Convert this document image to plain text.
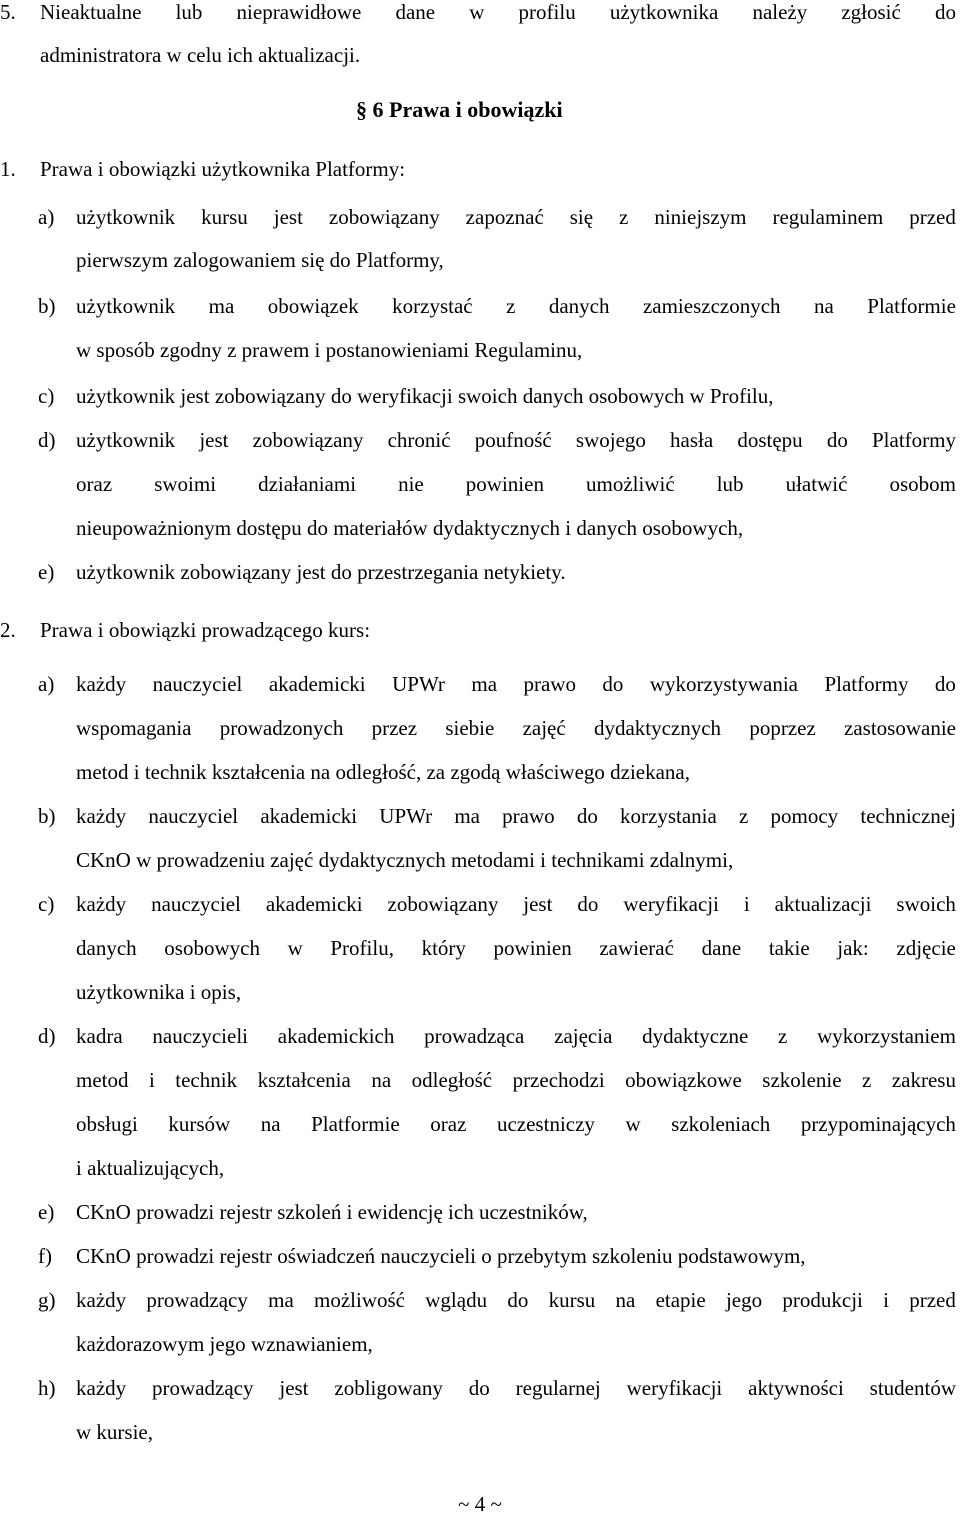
5. Nieaktualne lub nieprawidłowe dane w profilu użytkownika należy zgłosić do
administratora w celu ich aktualizacji.
§ 6 Prawa i obowiązki
1. Prawa i obowiązki użytkownika Platformy:
a) użytkownik kursu jest zobowiązany zapoznać się z niniejszym regulaminem przed
pierwszym zalogowaniem się do Platformy,
b) użytkownik ma obowiązek korzystać z danych zamieszczonych na Platformie
w sposób zgodny z prawem i postanowieniami Regulaminu,
c) użytkownik jest zobowiązany do weryfikacji swoich danych osobowych w Profilu,
d) użytkownik jest zobowiązany chronić poufność swojego hasła dostępu do Platformy
oraz swoimi działaniami nie powinien umożliwić lub ułatwić osobom
nieupoważnionym dostępu do materiałów dydaktycznych i danych osobowych,
e) użytkownik zobowiązany jest do przestrzegania netykiety.
2. Prawa i obowiązki prowadzącego kurs:
a) każdy nauczyciel akademicki UPWr ma prawo do wykorzystywania Platformy do
wspomagania prowadzonych przez siebie zajęć dydaktycznych poprzez zastosowanie
metod i technik kształcenia na odległość, za zgodą właściwego dziekana,
b) każdy nauczyciel akademicki UPWr ma prawo do korzystania z pomocy technicznej
CKnO w prowadzeniu zajęć dydaktycznych metodami i technikami zdalnymi,
c) każdy nauczyciel akademicki zobowiązany jest do weryfikacji i aktualizacji swoich
danych osobowych w Profilu, który powinien zawierać dane takie jak: zdjęcie
użytkownika i opis,
d) kadra nauczycieli akademickich prowadząca zajęcia dydaktyczne z wykorzystaniem
metod i technik kształcenia na odległość przechodzi obowiązkowe szkolenie z zakresu
obsługi kursów na Platformie oraz uczestniczy w szkoleniach przypominających
i aktualizujących,
e) CKnO prowadzi rejestr szkoleń i ewidencję ich uczestników,
f) CKnO prowadzi rejestr oświadczeń nauczycieli o przebytym szkoleniu podstawowym,
g) każdy prowadzący ma możliwość wglądu do kursu na etapie jego produkcji i przed
każdorazowym jego wznawianiem,
h) każdy prowadzący jest zobligowany do regularnej weryfikacji aktywności studentów
w kursie,
~ 4 ~
